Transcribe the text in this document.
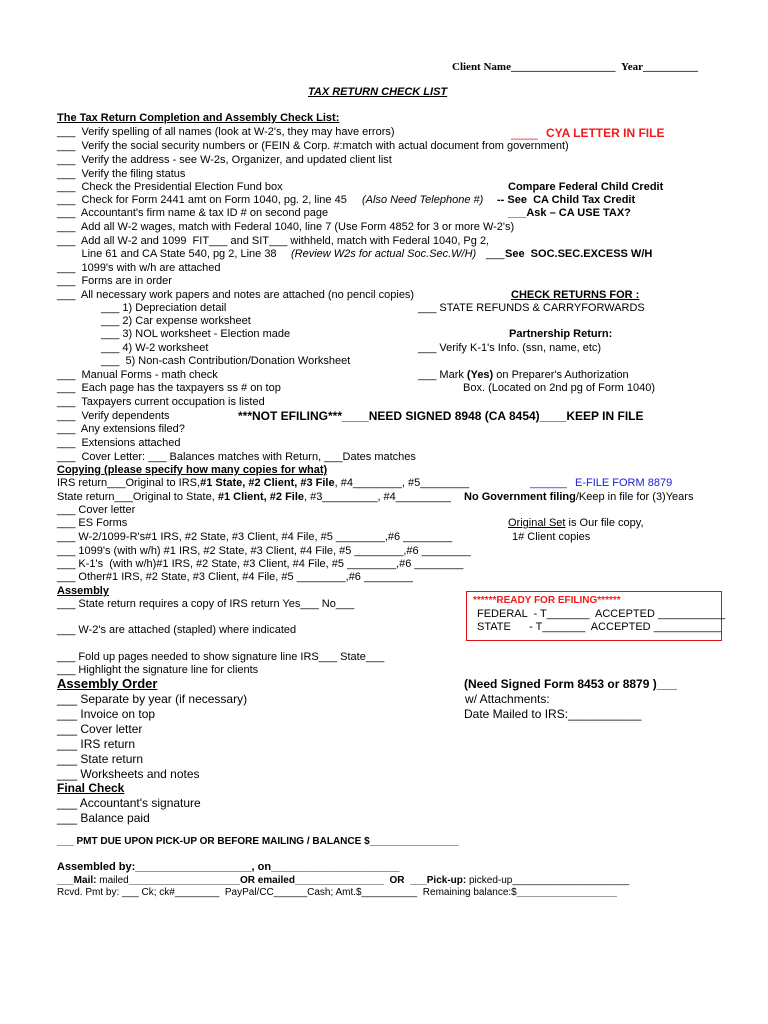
Client Name___________________ Year__________
TAX RETURN CHECK LIST
The Tax Return Completion and Assembly Check List:
___  Verify spelling of all names (look at W-2's, they may have errors)
___  Verify the social security numbers or (FEIN & Corp. #:match with actual document from government)
___  Verify the address - see W-2s, Organizer, and updated client list
___  Verify the filing status
___  Check the Presidential Election Fund box
___  Check for Form 2441 amt on Form 1040, pg. 2, line 45
___  Accountant's firm name & tax ID # on second page
___  Add all W-2 wages, match with Federal 1040, line 7 (Use Form 4852 for 3 or more W-2's)
___  Add all W-2 and 1099  FIT___ and SIT___ withheld, match with Federal 1040, Pg 2,
Line 61 and CA State 540, pg 2, Line 38
___  1099's with w/h are attached
___  Forms are in order
___  All necessary work papers and notes are attached (no pencil copies)
___ 1) Depreciation detail
___ 2) Car expense worksheet
___ 3) NOL worksheet - Election made
___ 4) W-2 worksheet
___  5) Non-cash Contribution/Donation Worksheet
___  Manual Forms - math check
___  Each page has the taxpayers ss # on top
___  Taxpayers current occupation is listed
___  Verify dependents
___  Any extensions filed?
___  Extensions attached
___  Cover Letter: ___ Balances matches with Return, ___Dates matches
____ CYA LETTER IN FILE
(Also Need Telephone #) -- See  CA Child Tax Credit
Compare Federal Child Credit
___Ask – CA USE TAX?
(Review W2s for actual Soc.Sec.W/H) ___ See  SOC.SEC.EXCESS W/H
CHECK RETURNS FOR :
___ STATE REFUNDS & CARRYFORWARDS
Partnership Return:
___ Verify K-1's Info. (ssn, name, etc)
___ Mark (Yes) on Preparer's Authorization
Box. (Located on 2nd pg of Form 1040)
***NOT EFILING***____NEED SIGNED 8948 (CA 8454)____KEEP IN FILE
Copying (please specify how many copies for what)
IRS return___Original to IRS,#1 State, #2 Client, #3 File, #4________, #5________	______ E-FILE FORM 8879
State return___Original to State, #1 Client, #2 File, #3_________, #4_________ No Government filing/Keep in file for (3)Years
___ Cover letter
___ ES Forms
___ W-2/1099-R's#1 IRS, #2 State, #3 Client, #4 File, #5 ________,#6 ________
___ 1099's (with w/h) #1 IRS, #2 State, #3 Client, #4 File, #5 ________,#6 ________
___ K-1's  (with w/h)#1 IRS, #2 State, #3 Client, #4 File, #5 ________,#6 ________
___ Other#1 IRS, #2 State, #3 Client, #4 File, #5 ________,#6 ________
Original Set is Our file copy,
1# Client copies
Assembly
___ State return requires a copy of IRS return Yes___ No___
___ W-2's are attached (stapled) where indicated
___ Fold up pages needed to show signature line IRS___ State___
___ Highlight the signature line for clients
******READY FOR EFILING******
FEDERAL  - T_______  ACCEPTED ___________
STATE      - T_______  ACCEPTED ___________
Assembly Order
___ Separate by year (if necessary)
___ Invoice on top
___ Cover letter
___ IRS return
___ State return
___ Worksheets and notes
(Need Signed Form 8453 or 8879 )___
w/ Attachments:
Date Mailed to IRS:___________
Final Check
___ Accountant's signature
___ Balance paid
___ PMT DUE UPON PICK-UP OR BEFORE MAILING / BALANCE $________________
Assembled by:___________________, on_____________________
___Mail: mailed____________________OR emailed________________  OR  ___Pick-up: picked-up_____________________
Rcvd. Pmt by: ___ Ck; ck#________  PayPal/CC______Cash; Amt.$__________  Remaining balance:$__________________
